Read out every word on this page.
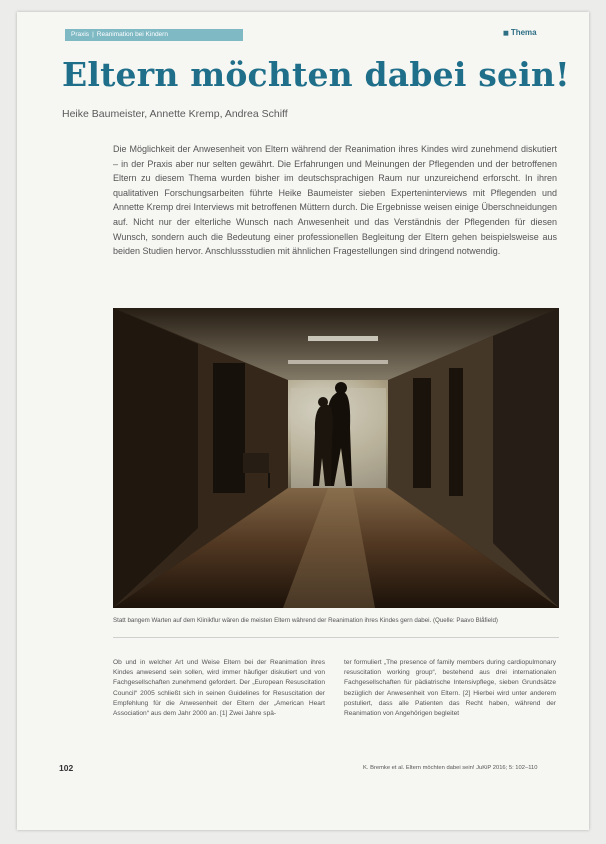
Praxis | Reanimation bei Kindern	◼ Thema
Eltern möchten dabei sein!
Heike Baumeister, Annette Kremp, Andrea Schiff

Die Möglichkeit der Anwesenheit von Eltern während der Reanimation ihres Kindes wird zunehmend diskutiert – in der Praxis aber nur selten gewährt. Die Erfahrungen und Meinungen der Pflegenden und der betroffenen Eltern zu diesem Thema wurden bisher im deutschsprachigen Raum nur unzureichend erforscht. In ihren qualitativen Forschungsarbeiten führte Heike Baumeister sieben Experteninterviews mit Pflegenden und Annette Kremp drei Interviews mit betroffenen Müttern durch. Die Ergebnisse weisen einige Überschneidungen auf. Nicht nur der elterliche Wunsch nach Anwesenheit und das Verständnis der Pflegenden für diesen Wunsch, sondern auch die Bedeutung einer professionellen Begleitung der Eltern gehen beispielsweise aus beiden Studien hervor. Anschlussstudien mit ähnlichen Fragestellungen sind dringend notwendig.

Statt bangem Warten auf dem Klinikflur wären die meisten Eltern während der Reanimation ihres Kindes gern dabei. (Quelle: Paavo Blåfield)

Ob und in welcher Art und Weise Eltern bei der Reanimation ihres Kindes anwesend sein sollen, wird immer häufiger diskutiert und von Fachgesellschaften zunehmend gefordert. Der „European Resuscitation Council“ 2005 schließt sich in seinen Guidelines for Resuscitation der Empfehlung für die Anwesenheit der Eltern der „American Heart Association“ aus dem Jahr 2000 an. [1] Zwei Jahre spä-

ter formuliert „The presence of family members during cardiopulmonary resuscitation working group“, bestehend aus drei internationalen Fachgesellschaften für pädiatrische Intensivpflege, sieben Grundsätze bezüglich der Anwesenheit von Eltern. [2] Hierbei wird unter anderem postuliert, dass alle Patienten das Recht haben, während der Reanimation von Angehörigen begleitet

102	K. Bremke et al. Eltern möchten dabei sein! JuKiP 2016; 5: 102–110
